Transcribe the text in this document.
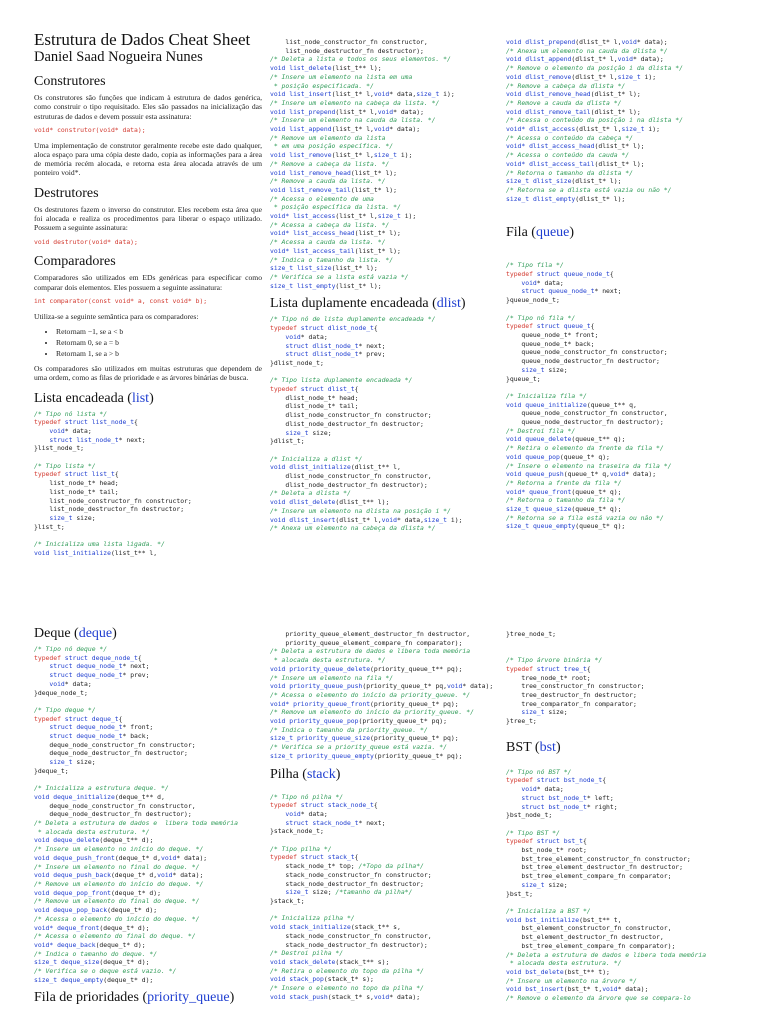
Estrutura de Dados Cheat Sheet
Daniel Saad Nogueira Nunes
Construtores

Os construtores são funções que indicam à estrutura de dados genérica, como construir o tipo requisitado. Eles são passados na inicialização das estruturas de dados e devem possuir esta assinatura:

void* construtor(void* data);

Uma implementação de construtor geralmente recebe este dado qualquer, aloca espaço para uma cópia deste dado, copia as informações para a área de memória recém alocada, e retorna esta área alocada através de um ponteiro void*.

Destrutores

Os destrutores fazem o inverso do construtor. Eles recebem esta área que foi alocada e realiza os procedimentos para liberar o espaço utilizado. Possuem a seguinte assinatura:

void destrutor(void* data);
Comparadores

Comparadores são utilizados em EDs genéricas para especificar como comparar dois elementos. Eles possuem a seguinte assinatura:

int comparator(const void* a, const void* b);

Utiliza-se a seguinte semântica para os comparadores:

• Retornam −1, se a < b
• Retornam 0, se a = b
• Retornam 1, se a > b

Os comparadores são utilizados em muitas estruturas que dependem de uma ordem, como as filas de prioridade e as árvores binárias de busca.

Lista encadeada (list)
/* Tipo nó lista */
typedef struct list_node_t{
void* data;
struct list_node_t* next;
}list_node_t;

/* Tipo lista */
typedef struct list_t{
list_node_t* head;
list_node_t* tail;
list_node_constructor_fn constructor;
list_node_destructor_fn destructor;
size_t size;
}list_t;

/* Inicializa uma lista ligada. */
void list_initialize(list_t** l,
list_node_constructor_fn constructor,
list_node_destructor_fn destructor);
/* Deleta a lista e todos os seus elementos. */
void list_delete(list_t** l);
/* Insere um elemento na lista em uma
* posição especificada. */
void list_insert(list_t* l,void* data,size_t i);
/* Insere um elemento na cabeça da lista. */
void list_prepend(list_t* l,void* data);
/* Insere um elemento na cauda da lista. */
void list_append(list_t* l,void* data);
/* Remove um elemento da lista
* em uma posição específica. */
void list_remove(list_t* l,size_t i);
/* Remove a cabeça da lista. */
void list_remove_head(list_t* l);
/* Remove a cauda da lista. */
void list_remove_tail(list_t* l);
/* Acessa o elemento de uma
* posição específica da lista. */
void* list_access(list_t* l,size_t i);
/* Acessa a cabeça da lista. */
void* list_access_head(list_t* l);
/* Acessa a cauda da lista. */
void* list_access_tail(list_t* l);
/* Indica o tamanho da lista. */
size_t list_size(list_t* l);
/* Verifica se a lista está vazia */
size_t list_empty(list_t* l);
Lista duplamente encadeada (dlist)
/* Tipo nó de lista duplamente encadeada */
typedef struct dlist_node_t{
void* data;
struct dlist_node_t* next;
struct dlist_node_t* prev;
}dlist_node_t;

/* Tipo lista duplamente encadeada */
typedef struct dlist_t{
dlist_node_t* head;
dlist_node_t* tail;
dlist_node_constructor_fn constructor;
dlist_node_destructor_fn destructor;
size_t size;
}dlist_t;

/* Inicializa a dlist */
void dlist_initialize(dlist_t** l,
dlist_node_constructor_fn constructor,
dlist_node_destructor_fn destructor);
/* Deleta a dlista */
void dlist_delete(dlist_t** l);
/* Insere um elemento na dlista na posição i */
void dlist_insert(dlist_t* l,void* data,size_t i);
/* Anexa um elemento na cabeça da dlista */
void dlist_prepend(dlist_t* l,void* data);
/* Anexa um elemento na cauda da dlista */
void dlist_append(dlist_t* l,void* data);
/* Remove o elemento da posição i da dlista */
void dlist_remove(dlist_t* l,size_t i);
/* Remove a cabeça da dlista */
void dlist_remove_head(dlist_t* l);
/* Remove a cauda da dlista */
void dlist_remove_tail(dlist_t* l);
/* Acessa o conteúdo da posição i na dlista */
void* dlist_access(dlist_t* l,size_t i);
/* Acessa o conteúdo da cabeça */
void* dlist_access_head(dlist_t* l);
/* Acessa o conteúdo da cauda */
void* dlist_access_tail(dlist_t* l);
/* Retorna o tamanho da dlista */
size_t dlist_size(dlist_t* l);
/* Retorna se a dlista está vazia ou não */
size_t dlist_empty(dlist_t* l);
Fila (queue)
/* Tipo fila */
typedef struct queue_node_t{
void* data;
struct queue_node_t* next;
}queue_node_t;

/* Tipo nó fila */
typedef struct queue_t{
queue_node_t* front;
queue_node_t* back;
queue_node_constructor_fn constructor;
queue_node_destructor_fn destructor;
size_t size;
}queue_t;

/* Inicializa fila */
void queue_initialize(queue_t** q,
queue_node_constructor_fn constructor,
queue_node_destructor_fn destructor);
/* Destroi fila */
void queue_delete(queue_t** q);
/* Retira o elemento da frente da fila */
void queue_pop(queue_t* q);
/* Insere o elemento na traseira da fila */
void queue_push(queue_t* q,void* data);
/* Retorna a frente da fila */
void* queue_front(queue_t* q);
/* Retorna o tamanho da fila */
size_t queue_size(queue_t* q);
/* Retorna se a fila está vazia ou não */
size_t queue_empty(queue_t* q);
Deque (deque)
/* Tipo nó deque */
typedef struct deque_node_t{
struct deque_node_t* next;
struct deque_node_t* prev;
void* data;
}deque_node_t;

/* Tipo deque */
typedef struct deque_t{
struct deque_node_t* front;
struct deque_node_t* back;
deque_node_constructor_fn constructor;
deque_node_destructor_fn destructor;
size_t size;
}deque_t;

/* Inicializa a estrutura deque. */
void deque_initialize(deque_t** d,
deque_node_constructor_fn constructor,
deque_node_destructor_fn destructor);
/* Deleta a estrutura de dados e  libera toda memória
* alocada desta estrutura. */
void deque_delete(deque_t** d);
/* Insere um elemento no início do deque. */
void deque_push_front(deque_t* d,void* data);
/* Insere um elemento no final do deque. */
void deque_push_back(deque_t* d,void* data);
/* Remove um elemento do início do deque. */
void deque_pop_front(deque_t* d);
/* Remove um elemento do final do deque. */
void deque_pop_back(deque_t* d);
/* Acessa o elemento do início do deque. */
void* deque_front(deque_t* d);
/* Acessa o elemento do final do deque. */
void* deque_back(deque_t* d);
/* Indica o tamanho do deque. */
size_t deque_size(deque_t* d);
/* Verifica se o deque está vazio. */
size_t deque_empty(deque_t* d);
Fila de prioridades (priority_queue)
priority_queue_element_destructor_fn destructor,
priority_queue_element_compare_fn comparator);
/* Deleta a estrutura de dados e libera toda memória
* alocada desta estrutura. */
void priority_queue_delete(priority_queue_t** pq);
/* Insere um elemento na fila */
void priority_queue_push(priority_queue_t* pq,void* data);
/* Acessa o elemento do início da priority_queue. */
void* priority_queue_front(priority_queue_t* pq);
/* Remove um elemento do início da priority_queue. */
void priority_queue_pop(priority_queue_t* pq);
/* Indica o tamanho da priority_queue. */
size_t priority_queue_size(priority_queue_t* pq);
/* Verifica se a priority_queue está vazia. */
size_t priority_queue_empty(priority_queue_t* pq);
Pilha (stack)
/* Tipo nó pilha */
typedef struct stack_node_t{
void* data;
struct stack_node_t* next;
}stack_node_t;

/* Tipo pilha */
typedef struct stack_t{
stack_node_t* top; /*Topo da pilha*/
stack_node_constructor_fn constructor;
stack_node_destructor_fn destructor;
size_t size; /*tamanho da pilha*/
}stack_t;

/* Inicializa pilha */
void stack_initialize(stack_t** s,
stack_node_constructor_fn constructor,
stack_node_destructor_fn destructor);
/* Destroi pilha */
void stack_delete(stack_t** s);
/* Retira o elemento do topo da pilha */
void stack_pop(stack_t* s);
/* Insere o elemento no topo da pilha */
void stack_push(stack_t* s,void* data);
}tree_node_t;

/* Tipo árvore binária */
typedef struct tree_t{
tree_node_t* root;
tree_constructor_fn constructor;
tree_destructor_fn destructor;
tree_comparator_fn comparator;
size_t size;
}tree_t;
BST (bst)
/* Tipo nó BST */
typedef struct bst_node_t{
void* data;
struct bst_node_t* left;
struct bst_node_t* right;
}bst_node_t;

/* Tipo BST */
typedef struct bst_t{
bst_node_t* root;
bst_tree_element_constructor_fn constructor;
bst_tree_element_destructor_fn destructor;
bst_tree_element_compare_fn comparator;
size_t size;
}bst_t;

/* Inicializa a BST */
void bst_initialize(bst_t** t,
bst_element_constructor_fn constructor,
bst_element_destructor_fn destructor,
bst_tree_element_compare_fn comparator);
/* Deleta a estrutura de dados e libera toda memória
* alocada desta estrutura. */
void bst_delete(bst_t** t);
/* Insere um elemento na árvore */
void bst_insert(bst_t* t,void* data);
/* Remove o elemento da árvore que se compara-lo
